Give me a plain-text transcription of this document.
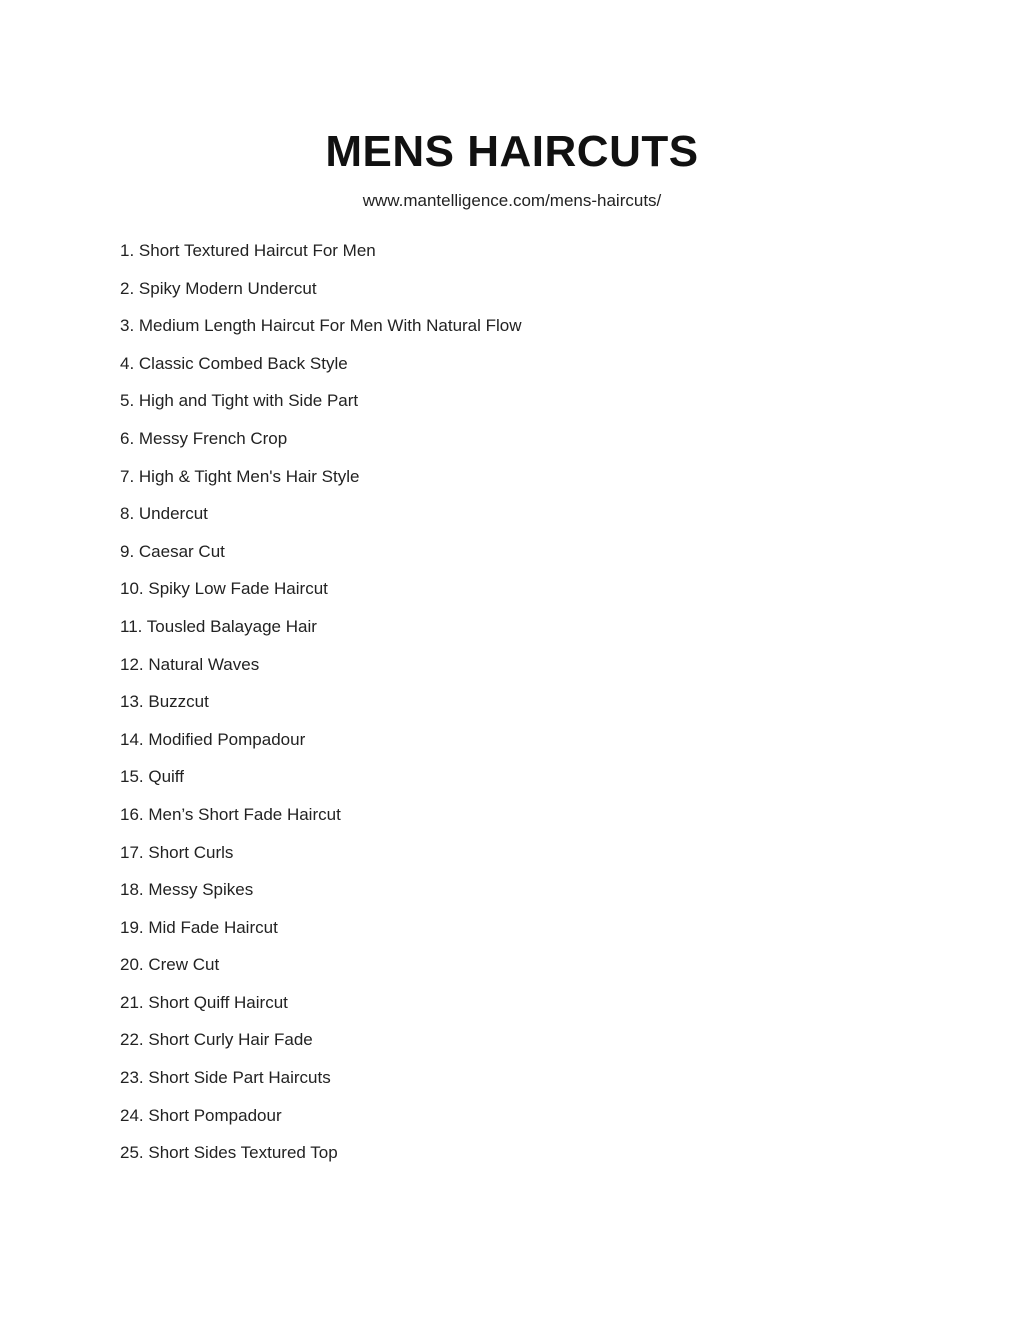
MENS HAIRCUTS
www.mantelligence.com/mens-haircuts/
1. Short Textured Haircut For Men
2. Spiky Modern Undercut
3. Medium Length Haircut For Men With Natural Flow
4. Classic Combed Back Style
5. High and Tight with Side Part
6. Messy French Crop
7. High & Tight Men's Hair Style
8. Undercut
9. Caesar Cut
10. Spiky Low Fade Haircut
11. Tousled Balayage Hair
12. Natural Waves
13. Buzzcut
14. Modified Pompadour
15. Quiff
16. Men’s Short Fade Haircut
17. Short Curls
18. Messy Spikes
19. Mid Fade Haircut
20. Crew Cut
21. Short Quiff Haircut
22. Short Curly Hair Fade
23. Short Side Part Haircuts
24. Short Pompadour
25. Short Sides Textured Top
